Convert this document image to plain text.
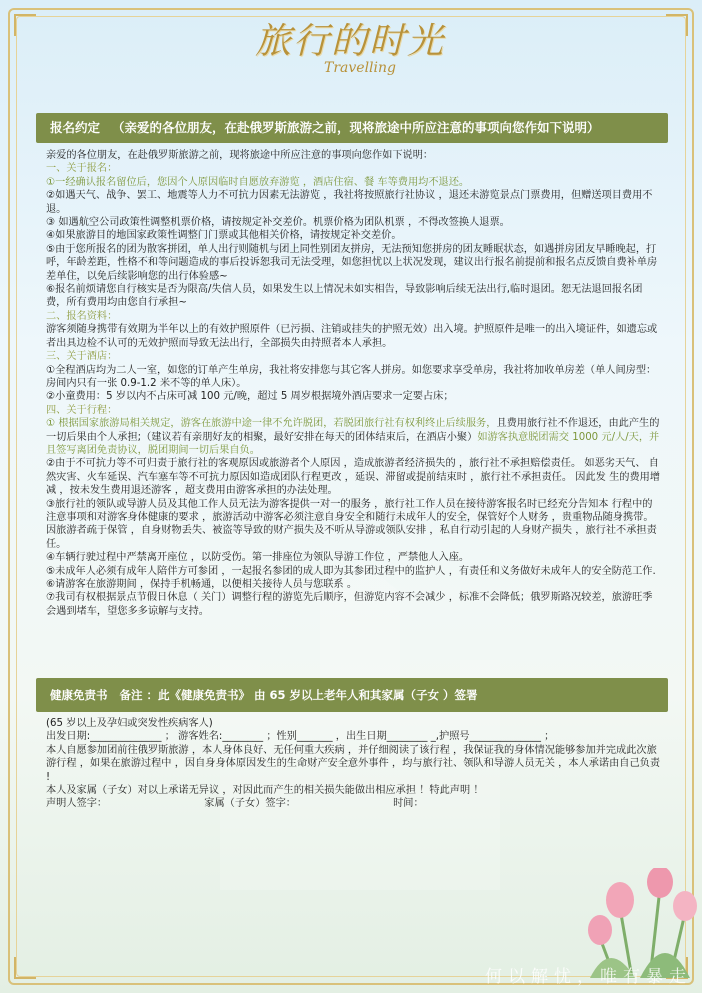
旅行的时光
Travelling
报名约定 （亲爱的各位朋友，在赴俄罗斯旅游之前，现将旅途中所应注意的事项向您作如下说明）

亲爱的各位朋友，在赴俄罗斯旅游之前，现将旅途中所应注意的事项向您作如下说明：

一、关于报名：

①一经确认报名留位后，您因个人原因临时自愿放弃游览 ，酒店住宿、餐 车等费用均不退还。

②如遇天气、战争、罢工、地震等人力不可抗力因素无法游览 ，我社将按照旅行社协议 ，退还未游览景点门票费用，但赠送项目费用不退。

③ 如遇航空公司政策性调整机票价格，请按规定补交差价。机票价格为团队机票 ，不得改签换人退票。

④如果旅游目的地国家政策性调整门门票或其他相关价格，请按规定补交差价。

⑤由于您所报名的团为散客拼团，单人出行则随机与团上同性别团友拼房，无法预知您拼房的团友睡眠状态，如遇拼房团友早睡晚起，打呼，年龄差距，性格不和等问题造成的事后投诉恕我司无法受理，如您担忧以上状况发现，建议出行报名前提前和报名点反馈自费补单房差单住，以免后续影响您的出行体验感~

⑥报名前烦请您自行核实是否为限高/失信人员，如果发生以上情况未如实相告，导致影响后续无法出行,临时退团。恕无法退回报名团费，所有费用均由您自行承担~

二、报名资料：

游客须随身携带有效期为半年以上的有效护照原件（已污损、注销或挂失的护照无效）出入境。护照原件是唯一的出入境证件，如遗忘或者出具边检不认可的无效护照而导致无法出行，全部损失由持照者本人承担。

三、关于酒店：

①全程酒店均为二人一室，如您的订单产生单房，我社将安排您与其它客人拼房。如您要求享受单房，我社将加收单房差（单人间房型：房间内只有一张 0.9-1.2 米不等的单人床）。

②小童费用：5 岁以内不占床可减 100 元/晚，超过 5 周岁根据境外酒店要求一定要占床；

四、关于行程：

① 根据国家旅游局相关规定，游客在旅游中途一律不允许脱团，若脱团旅行社有权利终止后续服务，且费用旅行社不作退还，由此产生的一切后果由个人承担;（建议若有亲朋好友的相聚，最好安排在每天的团体结束后，在酒店小聚）如游客执意脱团需交 1000 元/人/天，并且签写离团免责协议，脱团期间一切后果自负。

②由于不可抗力等不可归责于旅行社的客观原因或旅游者个人原因 ，造成旅游者经济损失的 ，旅行社不承担赔偿责任。 如恶劣天气、 自然灾害、火车延误、汽车塞车等不可抗力原因如造成团队行程更改 ，延误、滞留或提前结束时 ，旅行社不承担责任。 因此发 生的费用增减 ，按未发生费用退还游客 ，超支费用由游客承担的办法处理。

③旅行社的领队或导游人员及其他工作人员无法为游客提供一对一的服务 ，旅行社工作人员在接待游客报名时已经充分告知本 行程中的注意事项和对游客身体健康的要求 ，旅游活动中游客必须注意自身安全和随行未成年人的安全，保管好个人财务 ，贵重物品随身携带。因旅游者疏于保管 ，自身财物丢失、被盗等导致的财产损失及不听从导游或领队安排 ，私自行动引起的人身财产损失 ，旅行社不承担责任。

④车辆行驶过程中严禁离开座位 ，以防受伤。第一排座位为领队导游工作位 ，严禁他人入座。

⑤未成年人必须有成年人陪伴方可参团 ，一起报名参团的成人即为其参团过程中的监护人 ，有责任和义务做好未成年人的安全防范工作.

⑥请游客在旅游期间 ，保持手机畅通，以便相关接待人员与您联系 。

⑦我司有权根据景点节假日休息（ 关门）调整行程的游览先后顺序，但游览内容不会减少 ，标准不会降低；俄罗斯路况较差，旅游旺季会遇到堵车，望您多多谅解与支持。

健康免责书 备注 ：此《健康免责书》 由 65 岁以上老年人和其家属（子女 ）签署

(65 岁以上及孕妇或突发性疾病客人)

出发日期:______________ ； 游客姓名:________ ；性别_______ ，出生日期________ _,护照号______________ ；

本人自愿参加团前往俄罗斯旅游 ，本人身体良好、无任何重大疾病 ，并仔细阅读了该行程 ，我保证我的身体情况能够参加并完成此次旅游行程 ，如果在旅游过程中 ，因自身身体原因发生的生命财产安全意外事件 ，均与旅行社、领队和导游人员无关 ，本人承诺由自己负责 !

本人及家属（子女）对以上承诺无异议 ，对因此而产生的相关损失能做出相应承担 ！特此声明 ！

声明人签字：                              家属（子女）签字：                              时间：

何以解忧，唯有暴走
